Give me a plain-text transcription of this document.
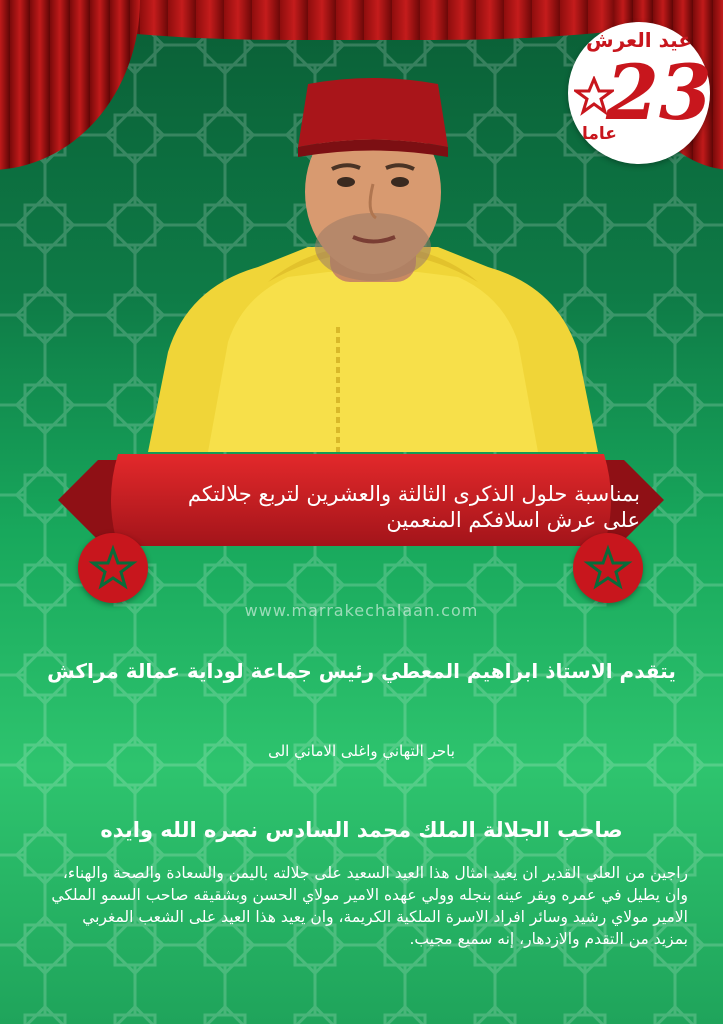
بمناسبة حلول الذكرى الثالثة والعشرين لتربع جلالتكم
على عرش اسلافكم المنعمين
عيد العرش
23
عاما
www.marrakechalaan.com
يتقدم الاستاذ ابراهيم المعطي رئيس جماعة لوداية عمالة مراكش
باحر التهاني واغلى الاماني الى
صاحب الجلالة الملك محمد السادس نصره الله وايده
راجين من العلي القدير ان يعيد امثال هذا العيد السعيد على جلالته باليمن والسعادة والصحة والهناء، وان يطيل في عمره ويقر عينه بنجله وولي عهده الامير مولاي الحسن وبشقيقه صاحب السمو الملكي الامير مولاي رشيد وسائر افراد الاسرة الملكية الكريمة، وان يعيد هذا العيد على الشعب المغربي بمزيد من التقدم والازدهار، إنه سميع مجيب.
